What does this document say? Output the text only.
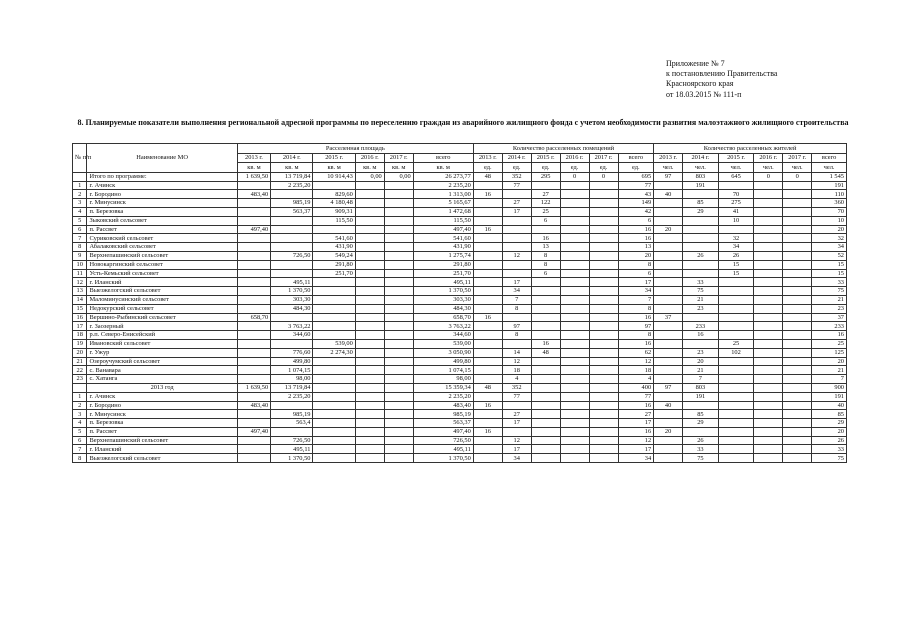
Приложение № 7
к постановлению Правительства
Красноярского края
от 18.03.2015 № 111-п
8. Планируемые показатели выполнения региональной адресной программы по переселению граждан из аварийного жилищного фонда с учетом необходимости развития малоэтажного жилищного строительства
№ п/п	Наименование МО	Расселенная площадь						Количество расселенных помещений						Количество расселенных жителей					
		2013 г.	2014 г.	2015 г.	2016 г.	2017 г.	всего	2013 г.	2014 г.	2015 г.	2016 г.	2017 г.	всего	2013 г.	2014 г.	2015 г.	2016 г.	2017 г.	всего
		кв. м	кв. м	кв. м	кв. м	кв. м	кв. м	ед.	ед.	ед.	ед.	ед.	ед.	чел.	чел.	чел.	чел.	чел.	чел.
	Итого по программе:	1 639,50	13 719,84	10 914,43	0,00	0,00	26 273,77	48	352	295	0	0	695	97	803	645	0	0	1 545
1	г. Ачинск		2 235,20				2 235,20		77				77		191				191
2	г. Бородино	483,40		829,60			1 313,00	16		27			43	40		70			110
3	г. Минусинск		985,19	4 180,48			5 165,67		27	122			149		85	275			360
4	п. Березовка		563,37	909,31			1 472,68		17	25			42		29	41			70
5	Зыковский сельсовет			115,50			115,50			6			6			10			10
6	п. Рассвет	497,40					497,40	16					16	20					20
7	Суриковский сельсовет			541,60			541,60			16			16			32			32
8	Абалаковский сельсовет			431,90			431,90			13			13			34			34
9	Верхнепашинский сельсовет		726,50	549,24			1 275,74		12	8			20		26	26			52
10	Новокаргинский сельсовет			291,80			291,80			8			8			15			15
11	Усть-Кемьский сельсовет			251,70			251,70			6			6			15			15
12	г. Иланский		495,11				495,11		17				17		33				33
13	Выезжелогский сельсовет		1 370,50				1 370,50		34				34		75				75
14	Маломинусинский сельсовет		303,30				303,30		7				7		21				21
15	Недокурский сельсовет		484,30				484,30		8				8		23				23
16	Вершино-Рыбинский сельсовет	658,70					658,70	16					16	37					37
17	г. Заозерный		3 763,22				3 763,22		97				97		233				233
18	р.п. Северо-Енисейский		344,60				344,60		8				8		16				16
19	Ивановский сельсовет			539,00			539,00			16			16			25			25
20	г. Ужур		776,60	2 274,30			3 050,90		14	48			62		23	102			125
21	Озероучумский сельсовет		499,80				499,80		12				12		20				20
22	с. Ванавара		1 074,15				1 074,15		18				18		21				21
23	с. Хатанга		98,00				98,00		4				4		7				7
	2013 год	1 639,50	13 719,84				15 359,34	48	352				400	97	803				900
1	г. Ачинск		2 235,20				2 235,20		77				77		191				191
2	г. Бородино	483,40					483,40	16					16	40					40
3	г. Минусинск		985,19				985,19		27				27		85				85
4	п. Березовка		563,4				563,37		17				17		29				29
5	п. Рассвет	497,40					497,40	16					16	20					20
6	Верхнепашинский сельсовет		726,50				726,50		12				12		26				26
7	г. Иланский		495,11				495,11		17				17		33				33
8	Выезжелогский сельсовет		1 370,50				1 370,50		34				34		75				75
